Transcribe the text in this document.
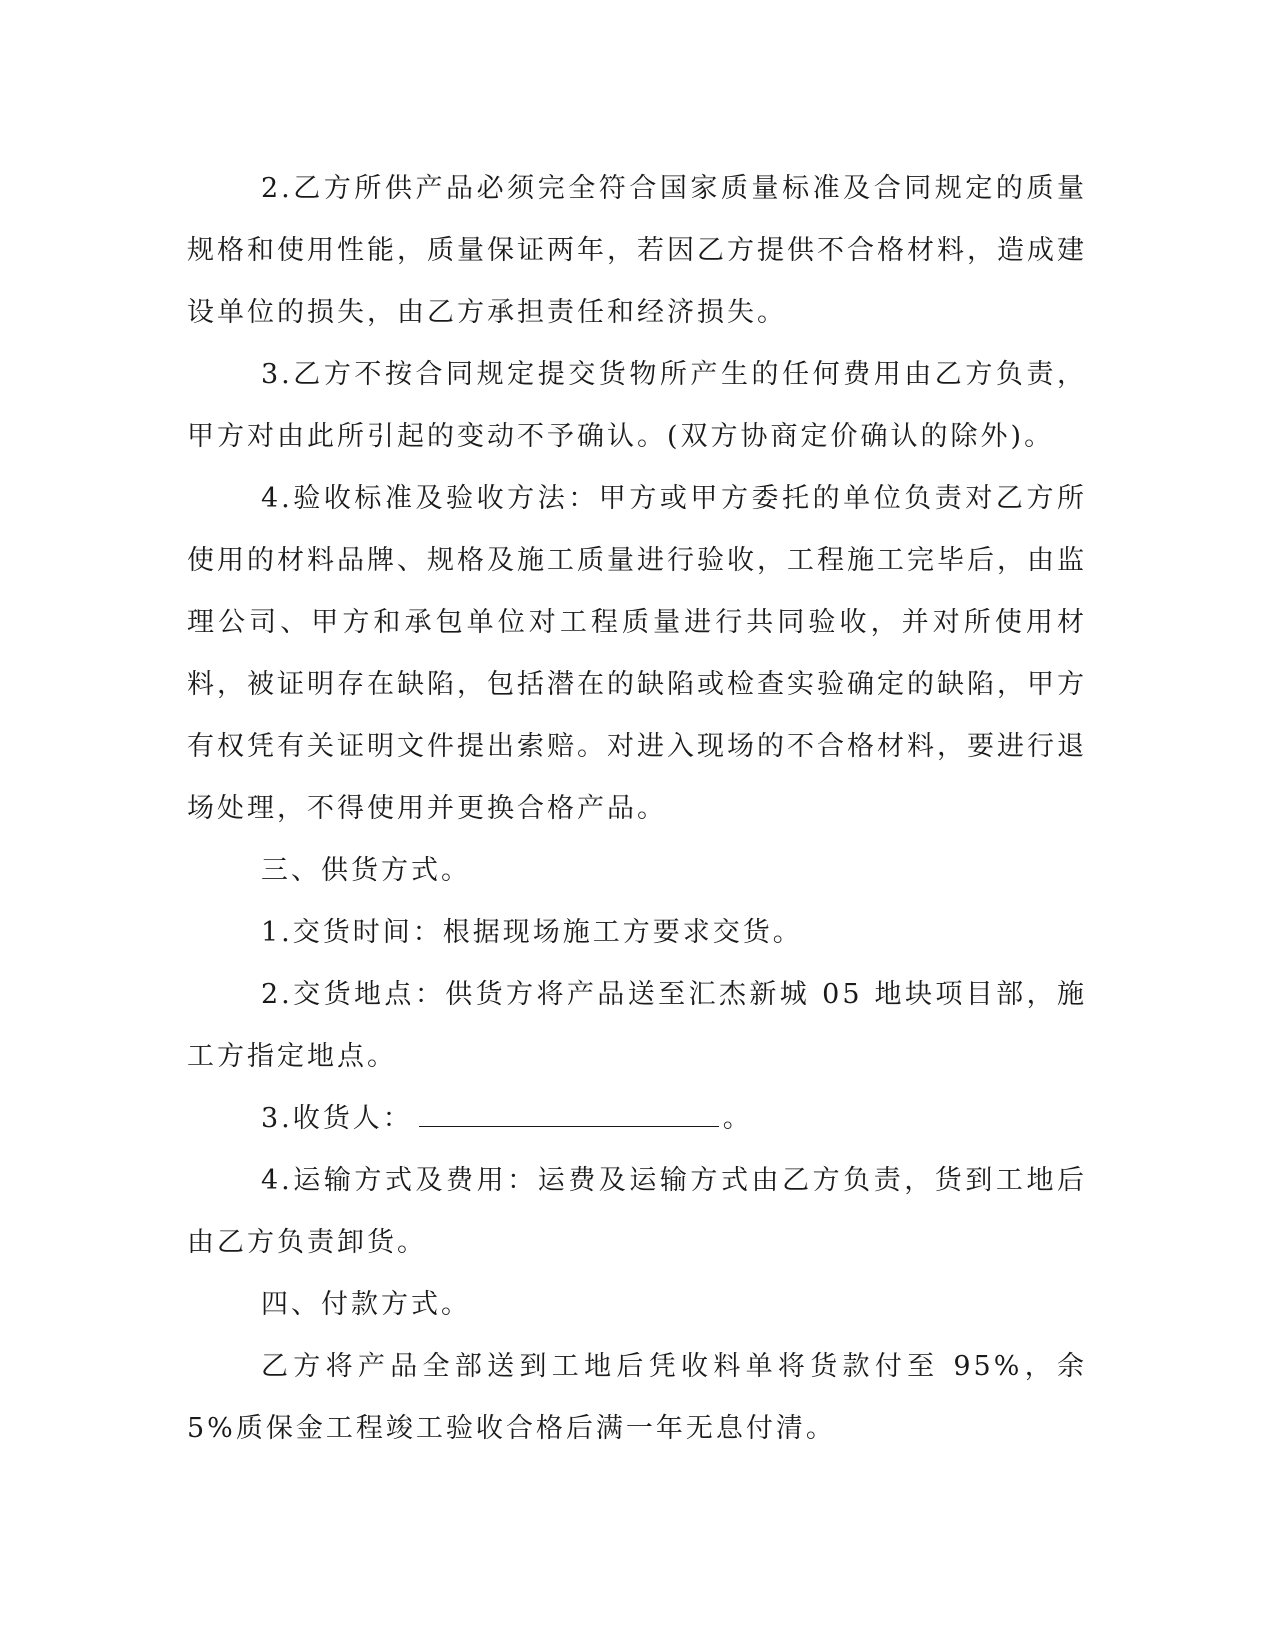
2.乙方所供产品必须完全符合国家质量标准及合同规定的质量规格和使用性能，质量保证两年，若因乙方提供不合格材料，造成建设单位的损失，由乙方承担责任和经济损失。

3.乙方不按合同规定提交货物所产生的任何费用由乙方负责，甲方对由此所引起的变动不予确认。(双方协商定价确认的除外)。

4.验收标准及验收方法：甲方或甲方委托的单位负责对乙方所使用的材料品牌、规格及施工质量进行验收，工程施工完毕后，由监理公司、甲方和承包单位对工程质量进行共同验收，并对所使用材料，被证明存在缺陷，包括潜在的缺陷或检查实验确定的缺陷，甲方有权凭有关证明文件提出索赔。对进入现场的不合格材料，要进行退场处理，不得使用并更换合格产品。

三、供货方式。

1.交货时间：根据现场施工方要求交货。

2.交货地点：供货方将产品送至汇杰新城 05 地块项目部，施工方指定地点。

3.收货人：	。

4.运输方式及费用：运费及运输方式由乙方负责，货到工地后由乙方负责卸货。

四、付款方式。

乙方将产品全部送到工地后凭收料单将货款付至 95%，余 5%质保金工程竣工验收合格后满一年无息付清。
